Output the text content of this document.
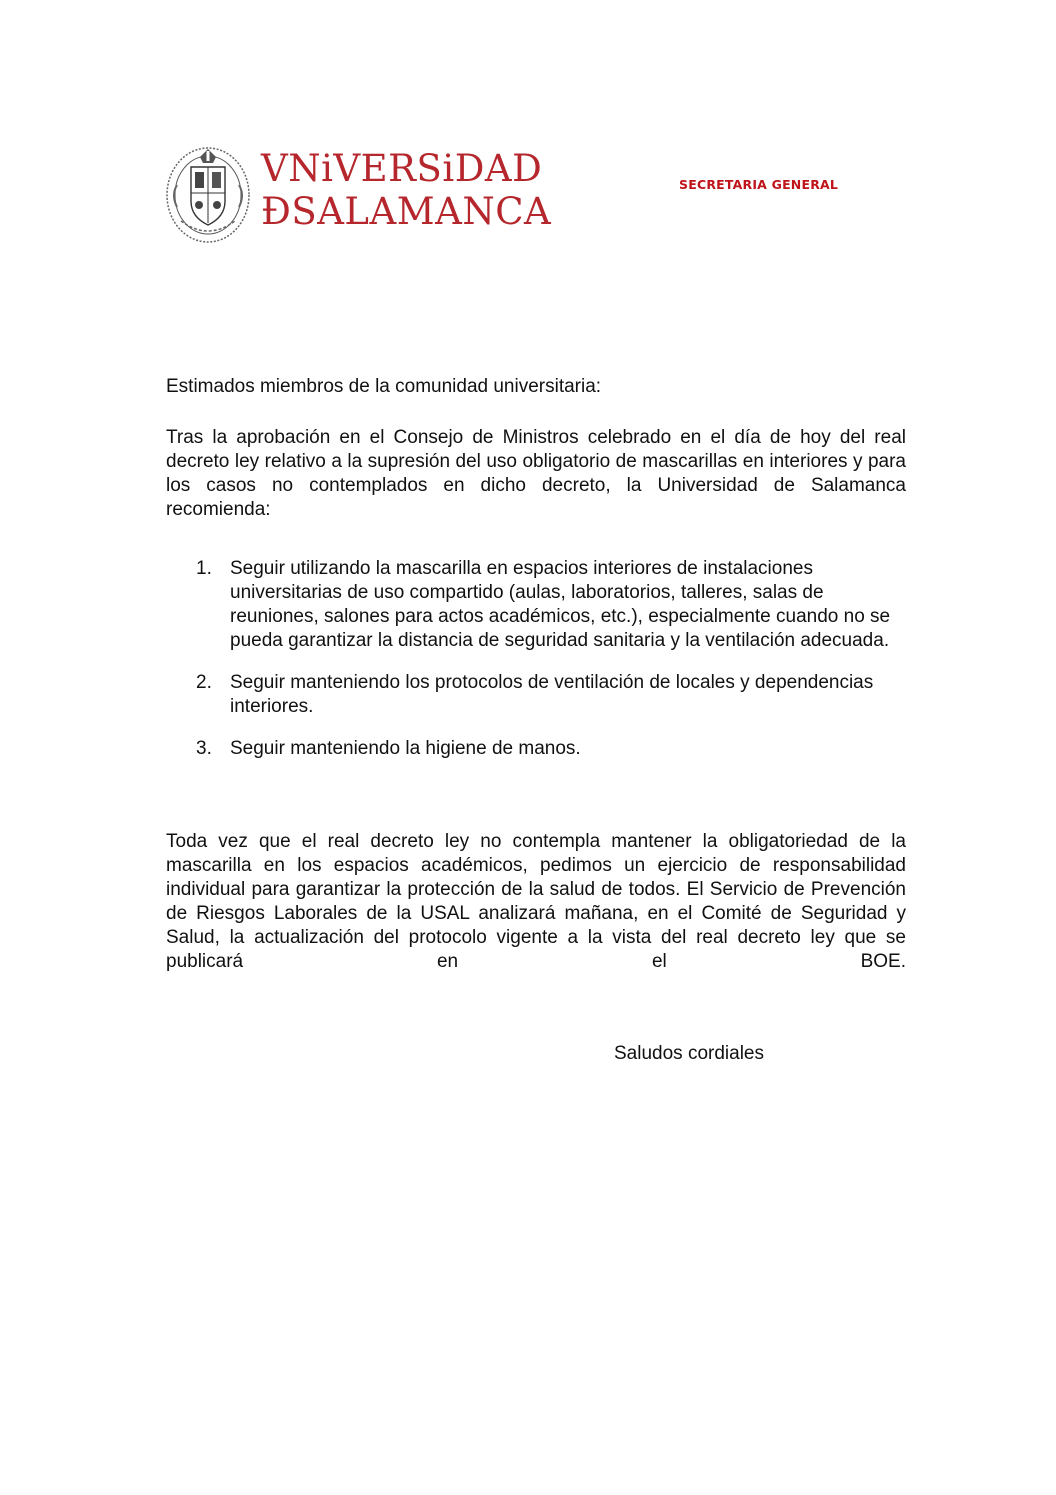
VNiVERSiDAD
ÐSALAMANCA
SECRETARIA GENERAL

Estimados miembros de la comunidad universitaria:

Tras la aprobación en el Consejo de Ministros celebrado en el día de hoy del real decreto ley relativo a la supresión del uso obligatorio de mascarillas en interiores y para los casos no contemplados en dicho decreto, la Universidad de Salamanca recomienda:

1. Seguir utilizando la mascarilla en espacios interiores de instalaciones universitarias de uso compartido (aulas, laboratorios, talleres, salas de reuniones, salones para actos académicos, etc.), especialmente cuando no se pueda garantizar la distancia de seguridad sanitaria y la ventilación adecuada.
2. Seguir manteniendo los protocolos de ventilación de locales y dependencias interiores.
3. Seguir manteniendo la higiene de manos.

Toda vez que el real decreto ley no contempla mantener la obligatoriedad de la mascarilla en los espacios académicos, pedimos un ejercicio de responsabilidad individual para garantizar la protección de la salud de todos. El Servicio de Prevención de Riesgos Laborales de la USAL analizará mañana, en el Comité de Seguridad y Salud, la actualización del protocolo vigente a la vista del real decreto ley que se publicará en el BOE.

Saludos cordiales
